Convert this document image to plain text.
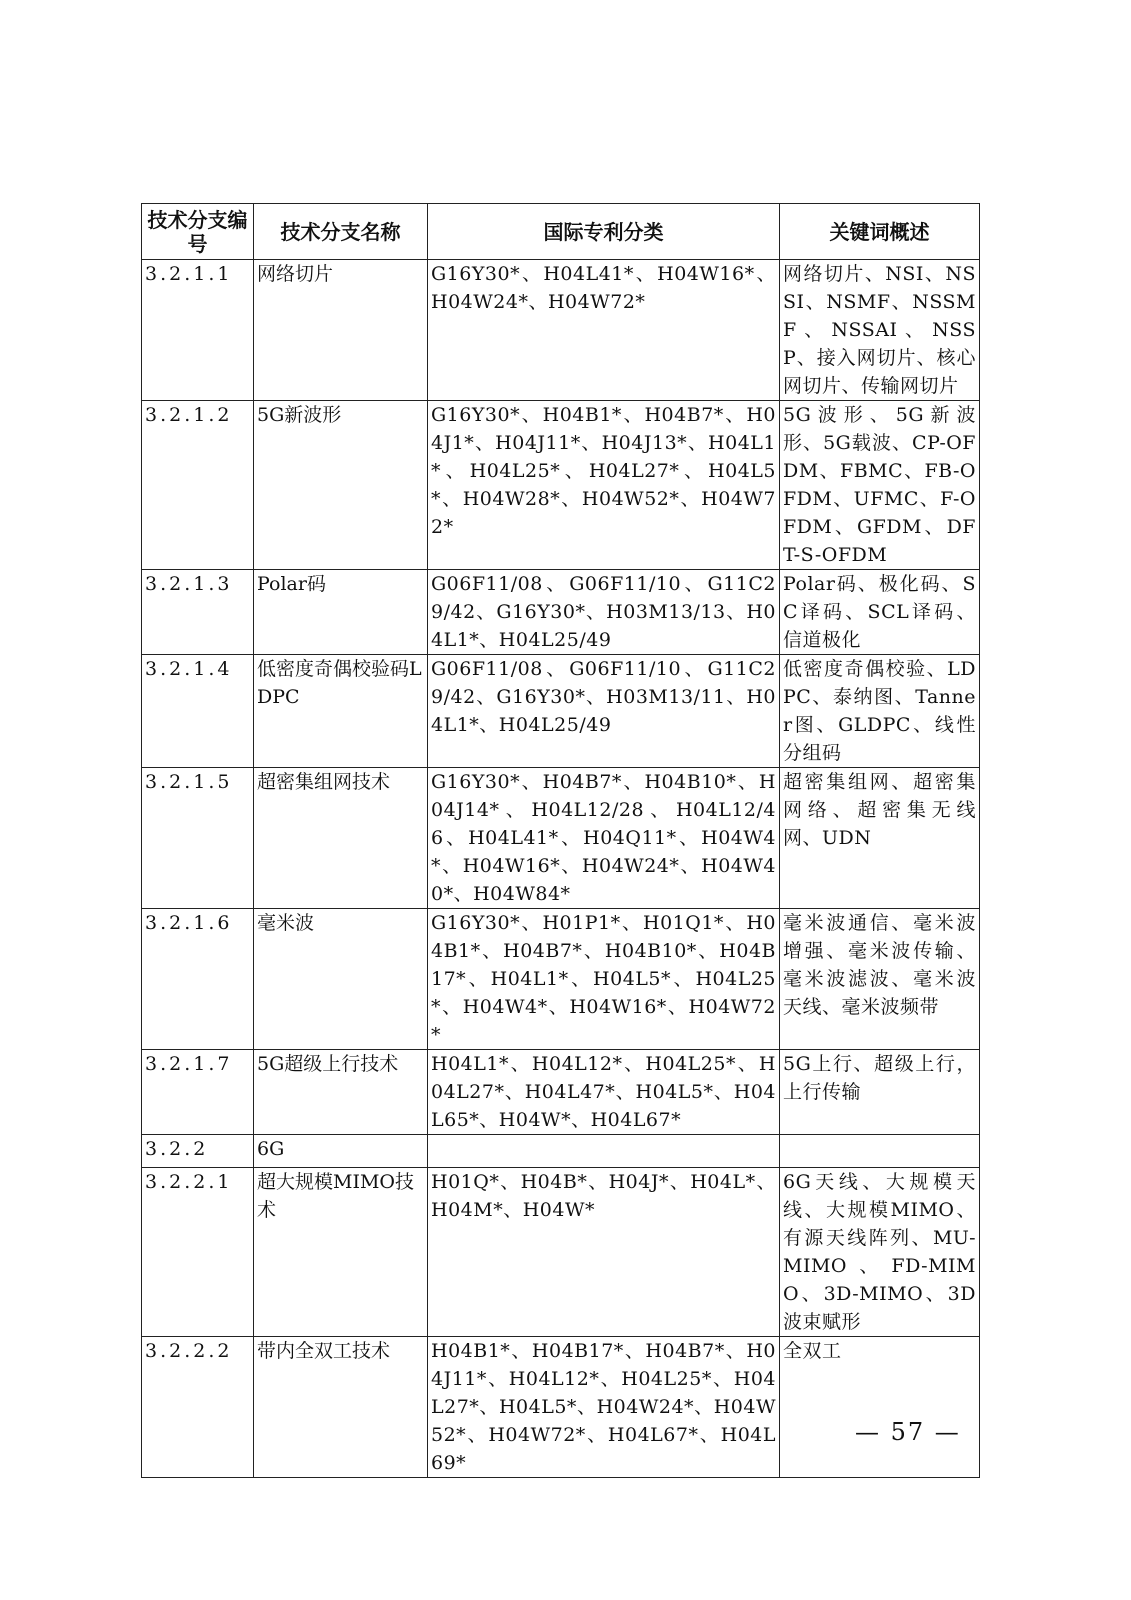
技术分支编号	技术分支名称	国际专利分类	关键词概述
3.2.1.1	网络切片	G16Y30*、H04L41*、H04W16*、H04W24*、H04W72*	网络切片、NSI、NSSI、NSMF、NSSMF、NSSAI、NSSP、接入网切片、核心网切片、传输网切片
3.2.1.2	5G新波形	G16Y30*、H04B1*、H04B7*、H04J1*、H04J11*、H04J13*、H04L1*、H04L25*、H04L27*、H04L5*、H04W28*、H04W52*、H04W72*	5G波形、5G新波形、5G载波、CP-OFDM、FBMC、FB-OFDM、UFMC、F-OFDM、GFDM、DFT-S-OFDM
3.2.1.3	Polar码	G06F11/08、G06F11/10、G11C29/42、G16Y30*、H03M13/13、H04L1*、H04L25/49	Polar码、极化码、SC译码、SCL译码、信道极化
3.2.1.4	低密度奇偶校验码LDPC	G06F11/08、G06F11/10、G11C29/42、G16Y30*、H03M13/11、H04L1*、H04L25/49	低密度奇偶校验、LDPC、泰纳图、Tanner图、GLDPC、线性分组码
3.2.1.5	超密集组网技术	G16Y30*、H04B7*、H04B10*、H04J14*、H04L12/28、H04L12/46、H04L41*、H04Q11*、H04W4*、H04W16*、H04W24*、H04W40*、H04W84*	超密集组网、超密集网络、超密集无线网、UDN
3.2.1.6	毫米波	G16Y30*、H01P1*、H01Q1*、H04B1*、H04B7*、H04B10*、H04B17*、H04L1*、H04L5*、H04L25*、H04W4*、H04W16*、H04W72*	毫米波通信、毫米波增强、毫米波传输、毫米波滤波、毫米波天线、毫米波频带
3.2.1.7	5G超级上行技术	H04L1*、H04L12*、H04L25*、H04L27*、H04L47*、H04L5*、H04L65*、H04W*、H04L67*	5G上行、超级上行，上行传输
3.2.2	6G		
3.2.2.1	超大规模MIMO技术	H01Q*、H04B*、H04J*、H04L*、H04M*、H04W*	6G天线、大规模天线、大规模MIMO、有源天线阵列、MU-MIMO、FD-MIMO、3D-MIMO、3D波束赋形
3.2.2.2	带内全双工技术	H04B1*、H04B17*、H04B7*、H04J11*、H04L12*、H04L25*、H04L27*、H04L5*、H04W24*、H04W52*、H04W72*、H04L67*、H04L69*	全双工
— 57 —
